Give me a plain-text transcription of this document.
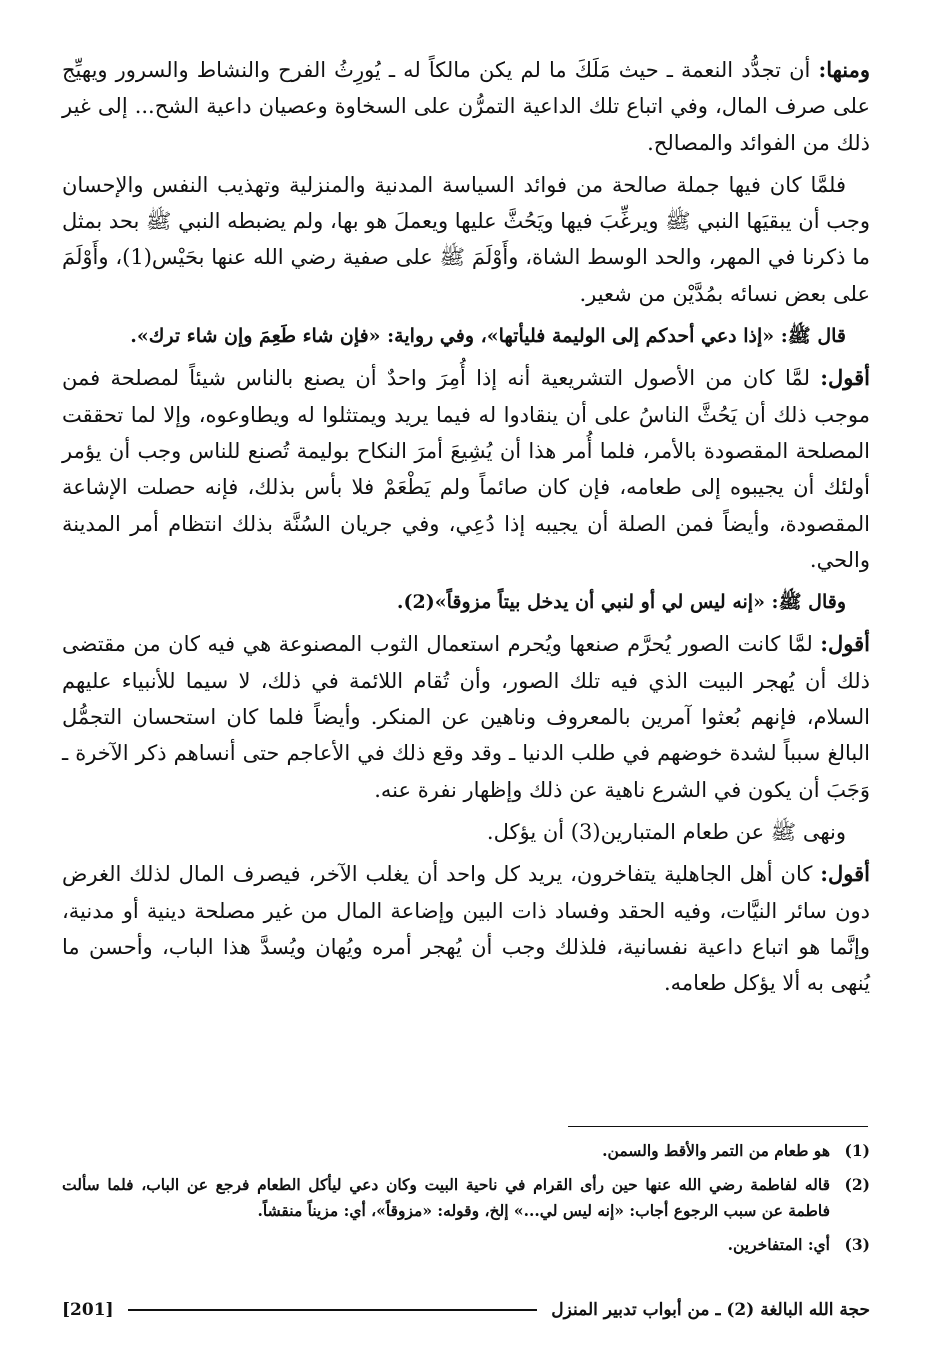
ومنها: أن تجدُّد النعمة ـ حيث مَلَكَ ما لم يكن مالكاً له ـ يُورِثُ الفرح والنشاط والسرور ويهيِّج على صرف المال، وفي اتباع تلك الداعية التمرُّن على السخاوة وعصيان داعية الشح... إلى غير ذلك من الفوائد والمصالح.

فلمَّا كان فيها جملة صالحة من فوائد السياسة المدنية والمنزلية وتهذيب النفس والإحسان وجب أن يبقيَها النبي ﷺ ويرغِّبَ فيها ويَحُثَّ عليها ويعملَ هو بها، ولم يضبطه النبي ﷺ بحد بمثل ما ذكرنا في المهر، والحد الوسط الشاة، وأَوْلَمَ ﷺ على صفية رضي الله عنها بحَيْس(1)، وأَوْلَمَ على بعض نسائه بمُدَّيْن من شعير.

قال ﷺ: «إذا دعي أحدكم إلى الوليمة فليأتها»، وفي رواية: «فإن شاء طَعِمَ وإن شاء ترك».

أقول: لمَّا كان من الأصول التشريعية أنه إذا أُمِرَ واحدٌ أن يصنع بالناس شيئاً لمصلحة فمن موجب ذلك أن يَحُثَّ الناسُ على أن ينقادوا له فيما يريد ويمتثلوا له ويطاوعوه، وإلا لما تحققت المصلحة المقصودة بالأمر، فلما أُمر هذا أن يُشِيعَ أمرَ النكاح بوليمة تُصنع للناس وجب أن يؤمر أولئك أن يجيبوه إلى طعامه، فإن كان صائماً ولم يَطْعَمْ فلا بأس بذلك، فإنه حصلت الإشاعة المقصودة، وأيضاً فمن الصلة أن يجيبه إذا دُعِي، وفي جريان السُنَّة بذلك انتظام أمر المدينة والحي.

وقال ﷺ: «إنه ليس لي أو لنبي أن يدخل بيتاً مزوقاً»(2).

أقول: لمَّا كانت الصور يُحرَّم صنعها ويُحرم استعمال الثوب المصنوعة هي فيه كان من مقتضى ذلك أن يُهجر البيت الذي فيه تلك الصور، وأن تُقام اللائمة في ذلك، لا سيما للأنبياء عليهم السلام، فإنهم بُعثوا آمرين بالمعروف وناهين عن المنكر. وأيضاً فلما كان استحسان التجمُّل البالغ سبباً لشدة خوضهم في طلب الدنيا ـ وقد وقع ذلك في الأعاجم حتى أنساهم ذكر الآخرة ـ وَجَبَ أن يكون في الشرع ناهية عن ذلك وإظهار نفرة عنه.

ونهى ﷺ عن طعام المتبارين(3) أن يؤكل.

أقول: كان أهل الجاهلية يتفاخرون، يريد كل واحد أن يغلب الآخر، فيصرف المال لذلك الغرض دون سائر النيَّات، وفيه الحقد وفساد ذات البين وإضاعة المال من غير مصلحة دينية أو مدنية، وإنَّما هو اتباع داعية نفسانية، فلذلك وجب أن يُهجر أمره ويُهان ويُسدَّ هذا الباب، وأحسن ما يُنهى به ألا يؤكل طعامه.

(1)
هو طعام من التمر والأقط والسمن.
(2)
قاله لفاطمة رضي الله عنها حين رأى القرام في ناحية البيت وكان دعي ليأكل الطعام فرجع عن الباب، فلما سألت فاطمة عن سبب الرجوع أجاب: «إنه ليس لي...» إلخ، وقوله: «مزوقاً»، أي: مزيناً منقشاً.
(3)
أي: المتفاخرين.
حجة الله البالغة (2) ـ من أبواب تدبير المنزل
[201]
